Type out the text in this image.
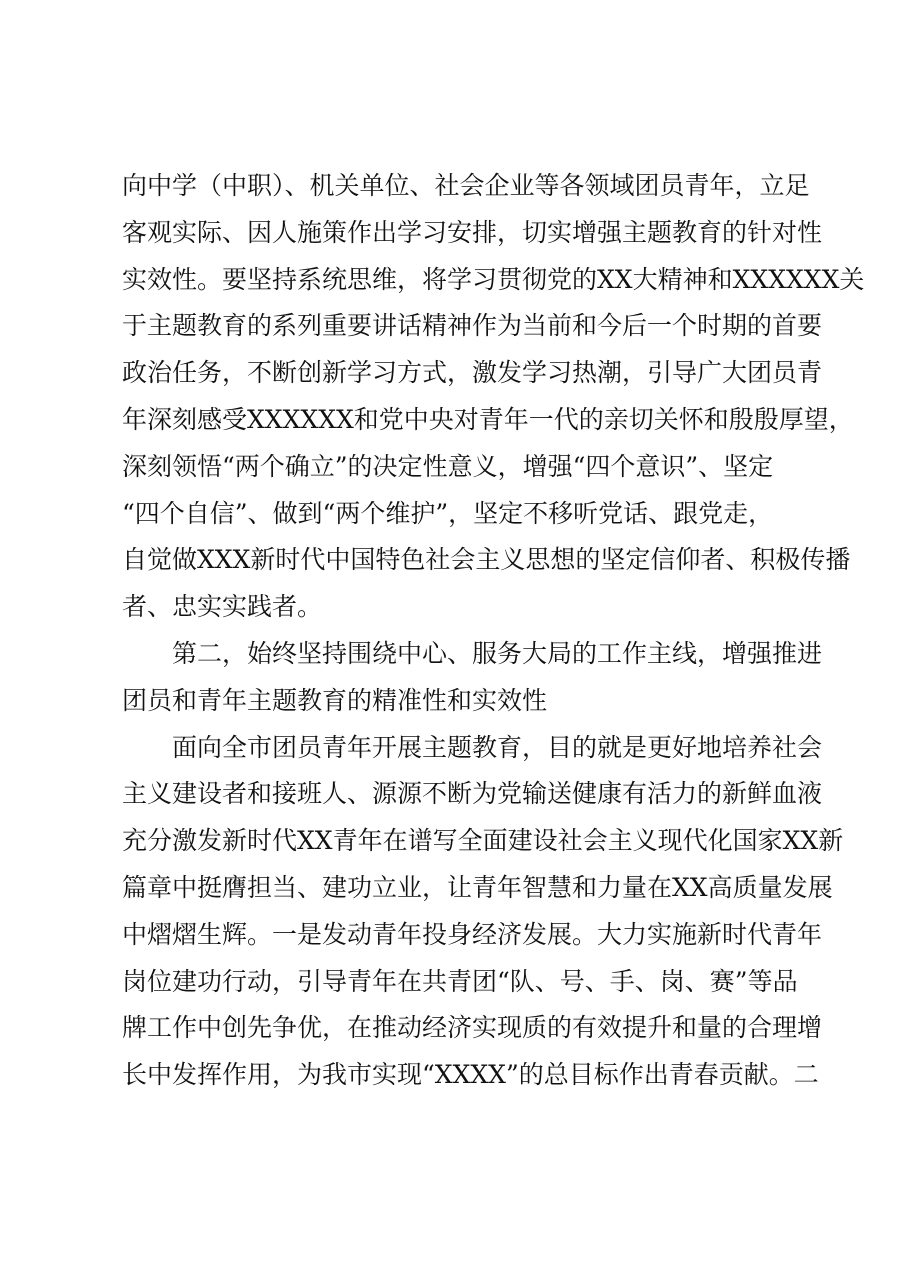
向中学（中职）、机关单位、社会企业等各领域团员青年，立足
客观实际、因人施策作出学习安排，切实增强主题教育的针对性
实效性。要坚持系统思维，将学习贯彻党的XX大精神和XXXXXX关
于主题教育的系列重要讲话精神作为当前和今后一个时期的首要
政治任务，不断创新学习方式，激发学习热潮，引导广大团员青
年深刻感受XXXXXX和党中央对青年一代的亲切关怀和殷殷厚望，
深刻领悟“两个确立”的决定性意义，增强“四个意识”、坚定
“四个自信”、做到“两个维护”，坚定不移听党话、跟党走，
自觉做XXX新时代中国特色社会主义思想的坚定信仰者、积极传播
者、忠实实践者。
第二，始终坚持围绕中心、服务大局的工作主线，增强推进
团员和青年主题教育的精准性和实效性
面向全市团员青年开展主题教育，目的就是更好地培养社会
主义建设者和接班人、源源不断为党输送健康有活力的新鲜血液
充分激发新时代XX青年在谱写全面建设社会主义现代化国家XX新
篇章中挺膺担当、建功立业，让青年智慧和力量在XX高质量发展
中熠熠生辉。一是发动青年投身经济发展。大力实施新时代青年
岗位建功行动，引导青年在共青团“队、号、手、岗、赛”等品
牌工作中创先争优，在推动经济实现质的有效提升和量的合理增
长中发挥作用，为我市实现“XXXX”的总目标作出青春贡献。二
